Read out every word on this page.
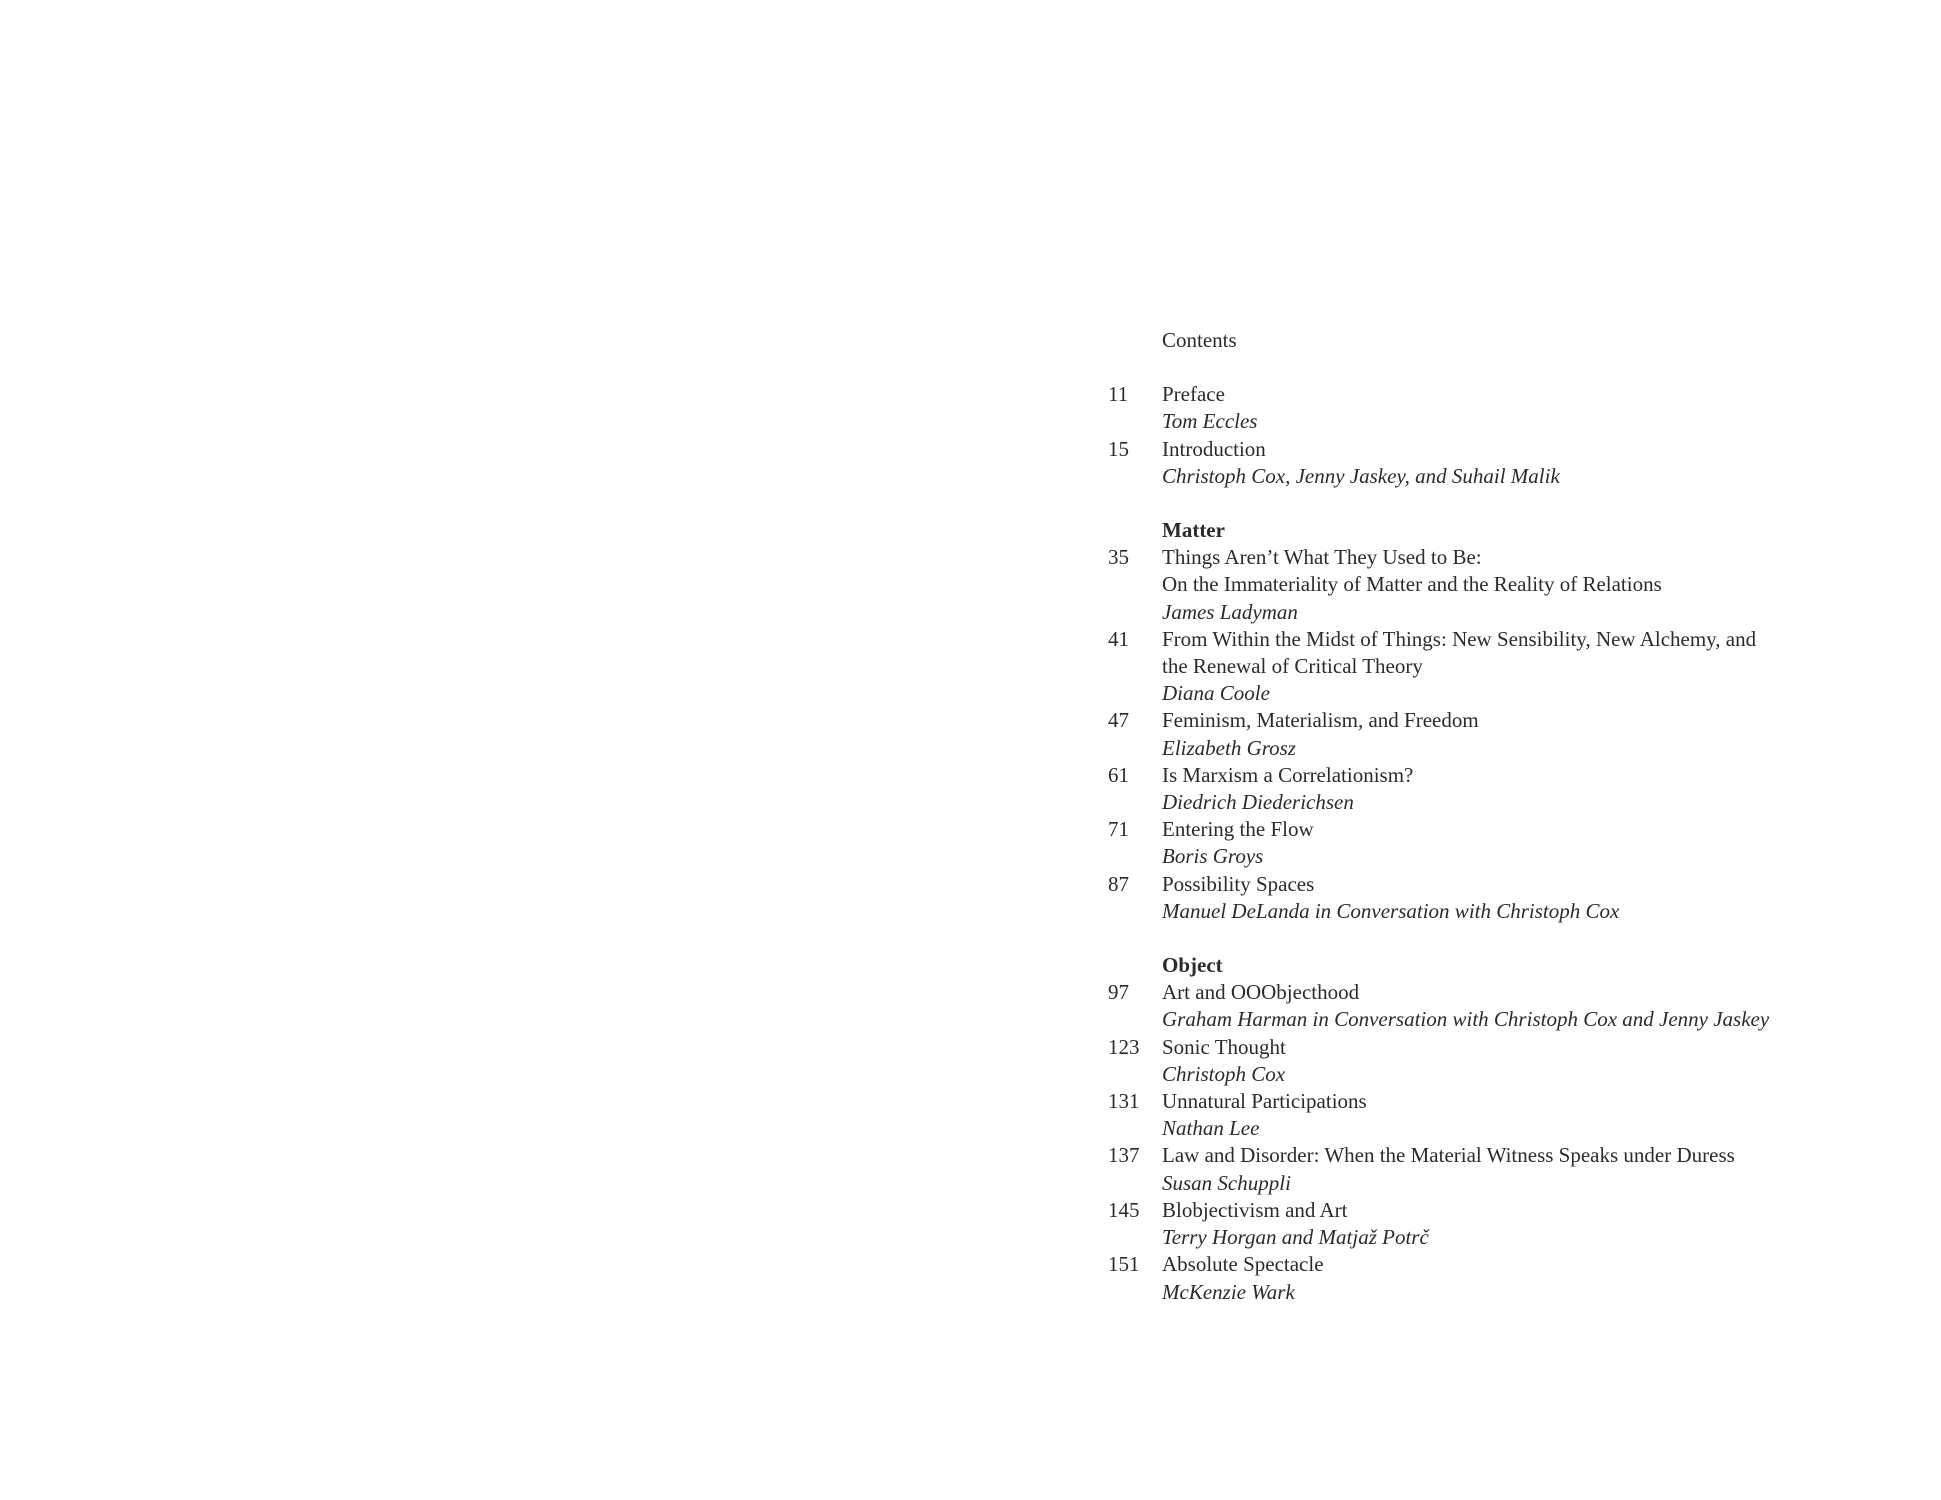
Contents
11	Preface
Tom Eccles
15	Introduction
Christoph Cox, Jenny Jaskey, and Suhail Malik
Matter
35	Things Aren’t What They Used to Be:
On the Immateriality of Matter and the Reality of Relations
James Ladyman
41	From Within the Midst of Things: New Sensibility, New Alchemy, and
the Renewal of Critical Theory
Diana Coole
47	Feminism, Materialism, and Freedom
Elizabeth Grosz
61	Is Marxism a Correlationism?
Diedrich Diederichsen
71	Entering the Flow
Boris Groys
87	Possibility Spaces
Manuel DeLanda in Conversation with Christoph Cox
Object
97	Art and OOObjecthood
Graham Harman in Conversation with Christoph Cox and Jenny Jaskey
123	Sonic Thought
Christoph Cox
131	Unnatural Participations
Nathan Lee
137	Law and Disorder: When the Material Witness Speaks under Duress
Susan Schuppli
145	Blobjectivism and Art
Terry Horgan and Matjaž Potrč
151	Absolute Spectacle
McKenzie Wark
